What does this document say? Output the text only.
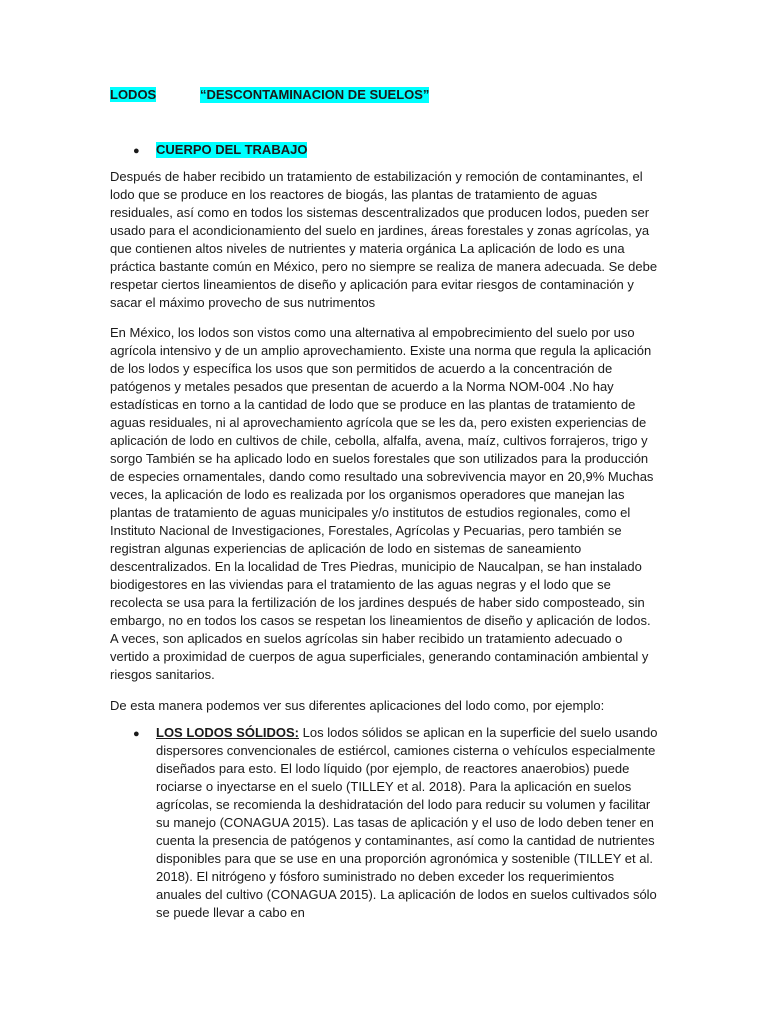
LODOS	“DESCONTAMINACION DE SUELOS”
● CUERPO DEL TRABAJO

Después de haber recibido un tratamiento de estabilización y remoción de contaminantes, el lodo que se produce en los reactores de biogás, las plantas de tratamiento de aguas residuales, así como en todos los sistemas descentralizados que producen lodos, pueden ser usado para el acondicionamiento del suelo en jardines, áreas forestales y zonas agrícolas, ya que contienen altos niveles de nutrientes y materia orgánica La aplicación de lodo es una práctica bastante común en México, pero no siempre se realiza de manera adecuada. Se debe respetar ciertos lineamientos de diseño y aplicación para evitar riesgos de contaminación y sacar el máximo provecho de sus nutrimentos

En México, los lodos son vistos como una alternativa al empobrecimiento del suelo por uso agrícola intensivo y de un amplio aprovechamiento. Existe una norma que regula la aplicación de los lodos y específica los usos que son permitidos de acuerdo a la concentración de patógenos y metales pesados que presentan de acuerdo a la Norma NOM-004 .No hay estadísticas en torno a la cantidad de lodo que se produce en las plantas de tratamiento de aguas residuales, ni al aprovechamiento agrícola que se les da, pero existen experiencias de aplicación de lodo en cultivos de chile, cebolla, alfalfa, avena, maíz, cultivos forrajeros, trigo y sorgo También se ha aplicado lodo en suelos forestales que son utilizados para la producción de especies ornamentales, dando como resultado una sobrevivencia mayor en 20,9% Muchas veces, la aplicación de lodo es realizada por los organismos operadores que manejan las plantas de tratamiento de aguas municipales y/o institutos de estudios regionales, como el Instituto Nacional de Investigaciones, Forestales, Agrícolas y Pecuarias, pero también se registran algunas experiencias de aplicación de lodo en sistemas de saneamiento descentralizados. En la localidad de Tres Piedras, municipio de Naucalpan, se han instalado biodigestores en las viviendas para el tratamiento de las aguas negras y el lodo que se recolecta se usa para la fertilización de los jardines después de haber sido composteado, sin embargo, no en todos los casos se respetan los lineamientos de diseño y aplicación de lodos. A veces, son aplicados en suelos agrícolas sin haber recibido un tratamiento adecuado o vertido a proximidad de cuerpos de agua superficiales, generando contaminación ambiental y riesgos sanitarios.

De esta manera podemos ver sus diferentes aplicaciones del lodo como, por ejemplo:

● LOS LODOS SÓLIDOS: Los lodos sólidos se aplican en la superficie del suelo usando dispersores convencionales de estiércol, camiones cisterna o vehículos especialmente diseñados para esto. El lodo líquido (por ejemplo, de reactores anaerobios) puede rociarse o inyectarse en el suelo (TILLEY et al. 2018). Para la aplicación en suelos agrícolas, se recomienda la deshidratación del lodo para reducir su volumen y facilitar su manejo (CONAGUA 2015). Las tasas de aplicación y el uso de lodo deben tener en cuenta la presencia de patógenos y contaminantes, así como la cantidad de nutrientes disponibles para que se use en una proporción agronómica y sostenible (TILLEY et al. 2018). El nitrógeno y fósforo suministrado no deben exceder los requerimientos anuales del cultivo (CONAGUA 2015). La aplicación de lodos en suelos cultivados sólo se puede llevar a cabo en
